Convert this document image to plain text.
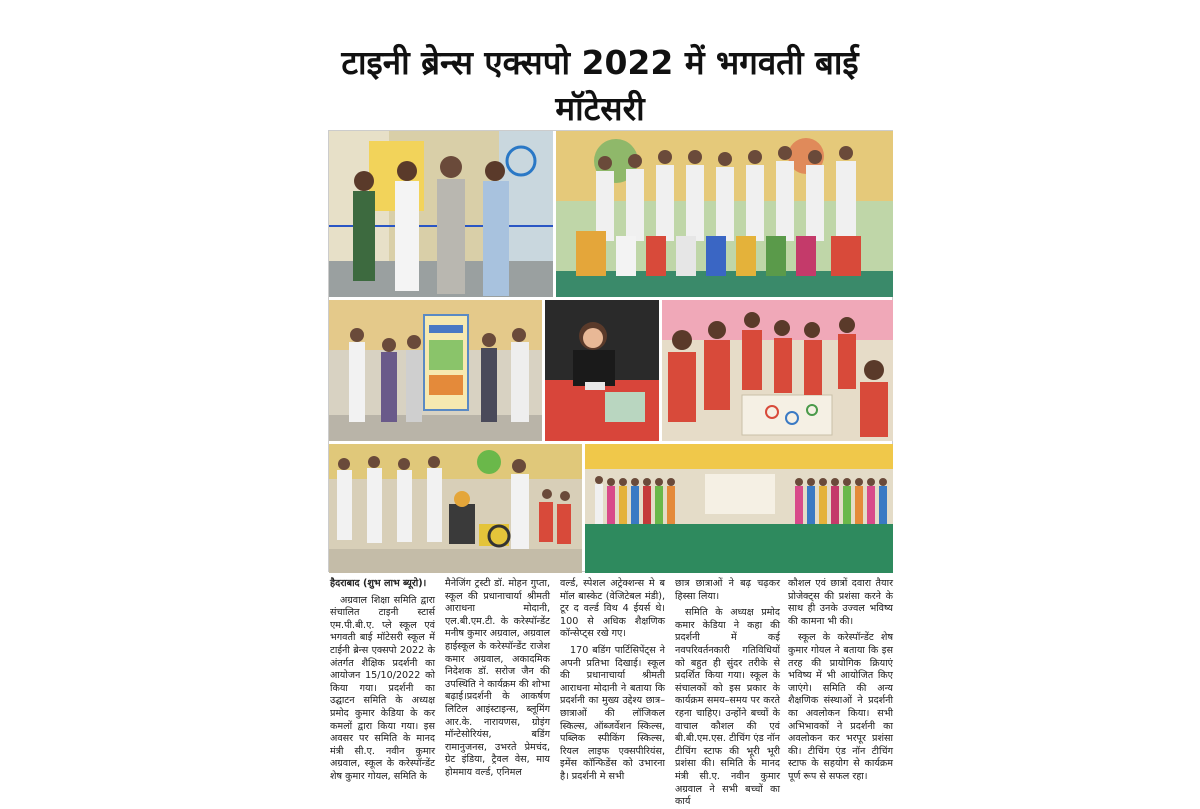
टाइनी ब्रेन्स एक्सपो 2022 में भगवती बाई मॉटेसरी

हैदराबाद (शुभ लाभ ब्यूरो)।

अग्रवाल शिक्षा समिति द्वारा संचालित टाइनी स्टार्स एम.पी.बी.ए. प्ले स्कूल एवं भगवती बाई मॉटेसरी स्कूल में टाईनी ब्रेन्स एक्सपो 2022 के अंतर्गत शैक्षिक प्रदर्शनी का आयोजन 15/10/2022 को किया गया। प्रदर्शनी का उद्घाटन समिति के अध्यक्ष प्रमोद कुमार केडिया के कर कमलों द्वारा किया गया। इस अवसर पर समिति के मानद मंत्री सी.ए. नवीन कुमार अग्रवाल, स्कूल के करेस्पॉन्डेंट शेष कुमार गोयल, समिति के

मैनेजिंग ट्रस्टी डॉ. मोहन गुप्ता, स्कूल की प्रधानाचार्या श्रीमती आराधना मोदानी, एल.बी.एम.टी. के करेस्पॉन्डेंट मनीष कुमार अग्रवाल, अग्रवाल हाईस्कूल के करेस्पॉन्डेंट राजेश कमार अग्रवाल, अकादमिक निदेशक डॉ. सरोज जैन की उपस्थिति ने कार्यक्रम की शोभा बढ़ाई।प्रदर्शनी के आकर्षण लिटिल आइंस्टाइन्स, ब्लूमिंग आर.के. नारायणस, ग्रोइंग मॉन्टेसोरियंस, बडिंग रामानुजनस, उभरते प्रेमचंद, ग्रेट इंडिया, ट्रैवल वेस, माय होममाय वर्ल्ड, एनिमल

वर्ल्ड, स्पेशल अट्रेक्शन्स मे ब मॉल बास्केट (वेजिटेबल मंडी), टूर द वर्ल्ड विथ 4 ईयर्स थे।100 से अधिक शैक्षणिक कॉन्सेप्ट्स रखे गए।

170 बडिंग पार्टिसिपेंट्स ने अपनी प्रतिभा दिखाई। स्कूल की प्रधानाचार्या श्रीमती आराधना मोदानी ने बताया कि प्रदर्शनी का मुख्य उद्देश्य छात्र–छात्राओं की लॉजिकल स्किल्स, ऑब्जर्वेशन स्किल्स, पब्लिक स्पीकिंग स्किल्स, रियल लाइफ एक्सपीरियंस, इमेंस कॉन्फिडेंस को उभारना है। प्रदर्शनी मे सभी

छात्र छात्राओं ने बढ़ चढ़कर हिस्सा लिया।

समिति के अध्यक्ष प्रमोद कमार केडिया ने कहा की प्रदर्शनी में कई नवपरिवर्तनकारी गतिविधियों को बहुत ही सुंदर तरीके से प्रदर्शित किया गया। स्कूल के संचालकों को इस प्रकार के कार्यक्रम समय–समय पर करते रहना चाहिए। उन्होंने बच्चों के वाचाल कौशल की एवं बी.बी.एम.एस. टीचिंग एंड नॉन टीचिंग स्टाफ की भूरी भूरी प्रशंसा की। समिति के मानद मंत्री सी.ए. नवीन कुमार अग्रवाल ने सभी बच्चों का कार्य

कौशल एवं छात्रों दवारा तैयार प्रोजेक्ट्स की प्रशंसा करने के साथ ही उनके उज्वल भविष्य की कामना भी की।

स्कूल के करेस्पॉन्डेंट शेष कुमार गोयल ने बताया कि इस तरह की प्रायोगिक क्रियाएं भविष्य में भी आयोजित किए जाएंगे। समिति की अन्य शैक्षणिक संस्थाओं ने प्रदर्शनी का अवलोकन किया। सभी अभिभावकों ने प्रदर्शनी का अवलोकन कर भरपूर प्रशंसा की। टीचिंग एंड नॉन टीचिंग स्टाफ के सहयोग से कार्यक्रम पूर्ण रूप से सफल रहा।
